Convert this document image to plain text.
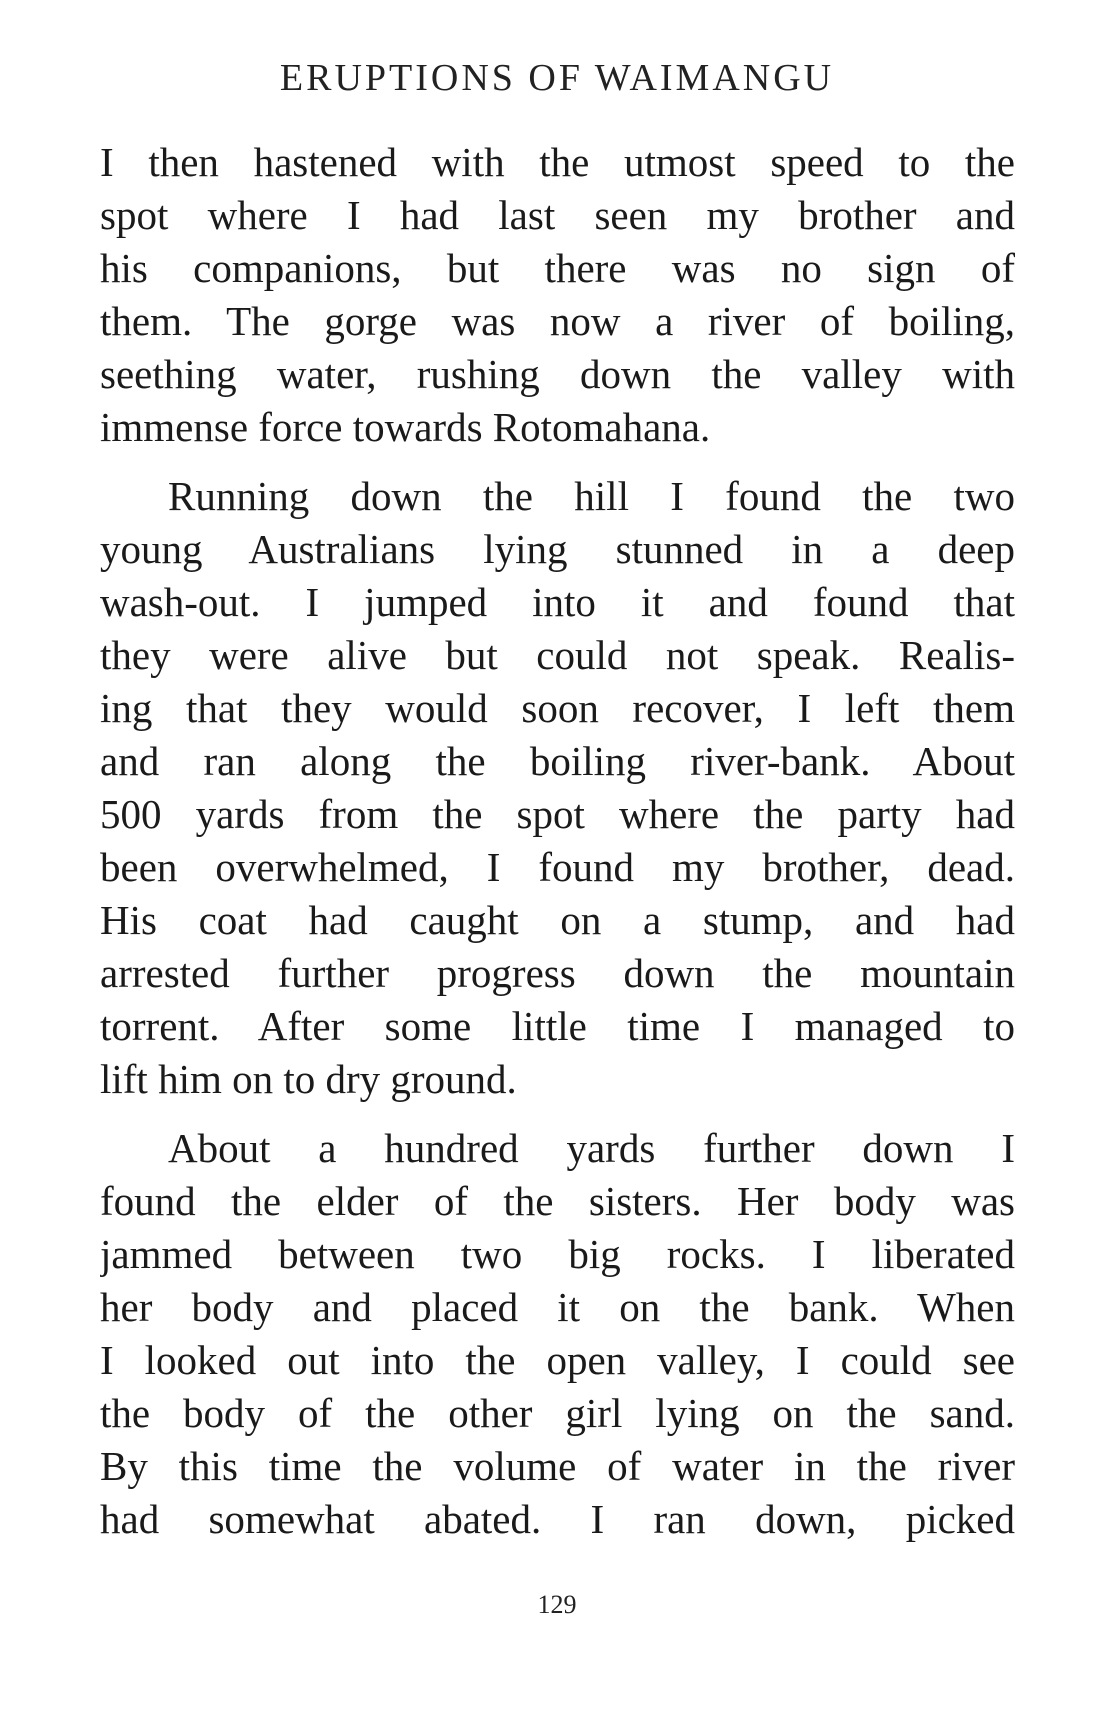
ERUPTIONS OF WAIMANGU
I then hastened with the utmost speed to the
spot where I had last seen my brother and
his companions, but there was no sign of
them. The gorge was now a river of boiling,
seething water, rushing down the valley with
immense force towards Rotomahana.
Running down the hill I found the two
young Australians lying stunned in a deep
wash-out. I jumped into it and found that
they were alive but could not speak. Realis-
ing that they would soon recover, I left them
and ran along the boiling river-bank. About
500 yards from the spot where the party had
been overwhelmed, I found my brother, dead.
His coat had caught on a stump, and had
arrested further progress down the mountain
torrent. After some little time I managed to
lift him on to dry ground.
About a hundred yards further down I
found the elder of the sisters. Her body was
jammed between two big rocks. I liberated
her body and placed it on the bank. When
I looked out into the open valley, I could see
the body of the other girl lying on the sand.
By this time the volume of water in the river
had somewhat abated. I ran down, picked
129
